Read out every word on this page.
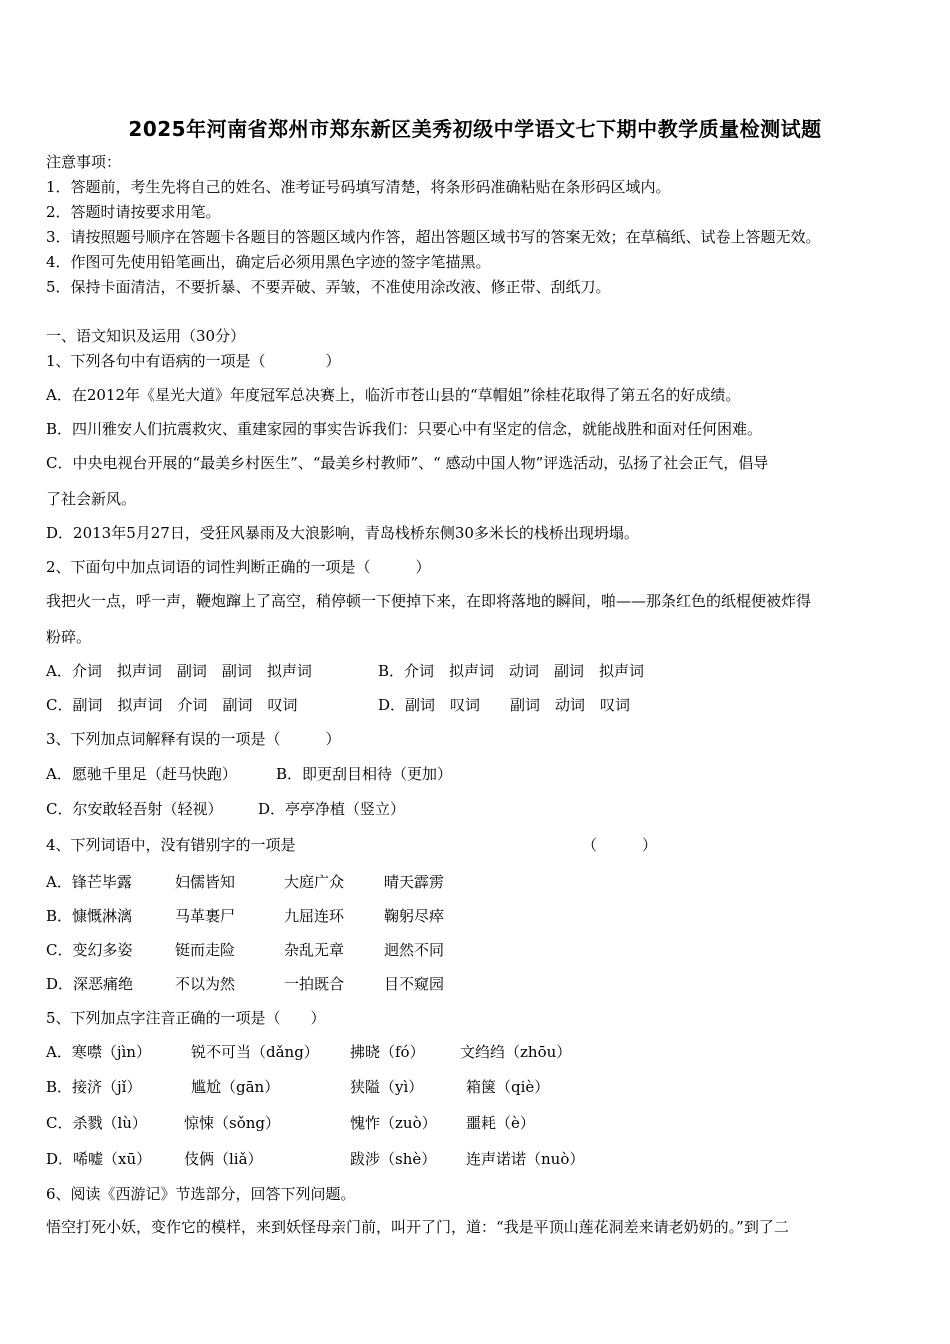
2025年河南省郑州市郑东新区美秀初级中学语文七下期中教学质量检测试题
注意事项：
1．答题前，考生先将自己的姓名、准考证号码填写清楚，将条形码准确粘贴在条形码区域内。
2．答题时请按要求用笔。
3．请按照题号顺序在答题卡各题目的答题区域内作答，超出答题区域书写的答案无效；在草稿纸、试卷上答题无效。
4．作图可先使用铅笔画出，确定后必须用黑色字迹的签字笔描黑。
5．保持卡面清洁，不要折暴、不要弄破、弄皱，不准使用涂改液、修正带、刮纸刀。
一、语文知识及运用（30分）
1、下列各句中有语病的一项是（　　　　）
A．在2012年《星光大道》年度冠军总决赛上，临沂市苍山县的“草帽姐”徐桂花取得了第五名的好成绩。
B．四川雅安人们抗震救灾、重建家园的事实告诉我们：只要心中有坚定的信念，就能战胜和面对任何困难。
C．中央电视台开展的“最美乡村医生”、“最美乡村教师”、“ 感动中国人物”评选活动，弘扬了社会正气，倡导
了社会新风。
D．2013年5月27日，受狂风暴雨及大浪影响，青岛栈桥东侧30多米长的栈桥出现坍塌。
2、下面句中加点词语的词性判断正确的一项是（　　　）
我把火一点，呼一声，鞭炮蹿上了高空，稍停顿一下便掉下来，在即将落地的瞬间，啪——那条红色的纸棍便被炸得
粉碎。
A．介词　拟声词　副词　副词　拟声词	B．介词　拟声词　动词　副词　拟声词
C．副词　拟声词　介词　副词　叹词	D．副词　叹词　　副词　动词　叹词
3、下列加点词解释有误的一项是（　　　）
A．愿驰千里足（赶马快跑）	B．即更刮目相待（更加）
C．尔安敢轻吾射（轻视） D．亭亭净植（竖立）
4、下列词语中，没有错别字的一项是	（　　　）
A．锋芒毕露	妇儒皆知	大庭广众	晴天霹雳
B．慷慨淋漓	马革裹尸	九屈连环	鞠躬尽瘁
C．变幻多姿	铤而走险	杂乱无章	迥然不同
D．深恶痛绝	不以为然	一拍既合	目不窥园
5、下列加点字注音正确的一项是（　　）
A．寒噤（jìn）	锐不可当（dǎng） 拂晓（fó） 文绉绉（zhōu）
B．接济（jǐ）	尴尬（gān）	狭隘（yì）	箱箧（qiè）
C．杀戮（lù） 惊悚（sǒng）	愧怍（zuò） 噩耗（è）
D．唏嘘（xū） 伎俩（liǎ）	跋涉（shè） 连声诺诺（nuò）
6、阅读《西游记》节选部分，回答下列问题。
悟空打死小妖，变作它的模样，来到妖怪母亲门前，叫开了门，道：“我是平顶山莲花洞差来请老奶奶的。”到了二
